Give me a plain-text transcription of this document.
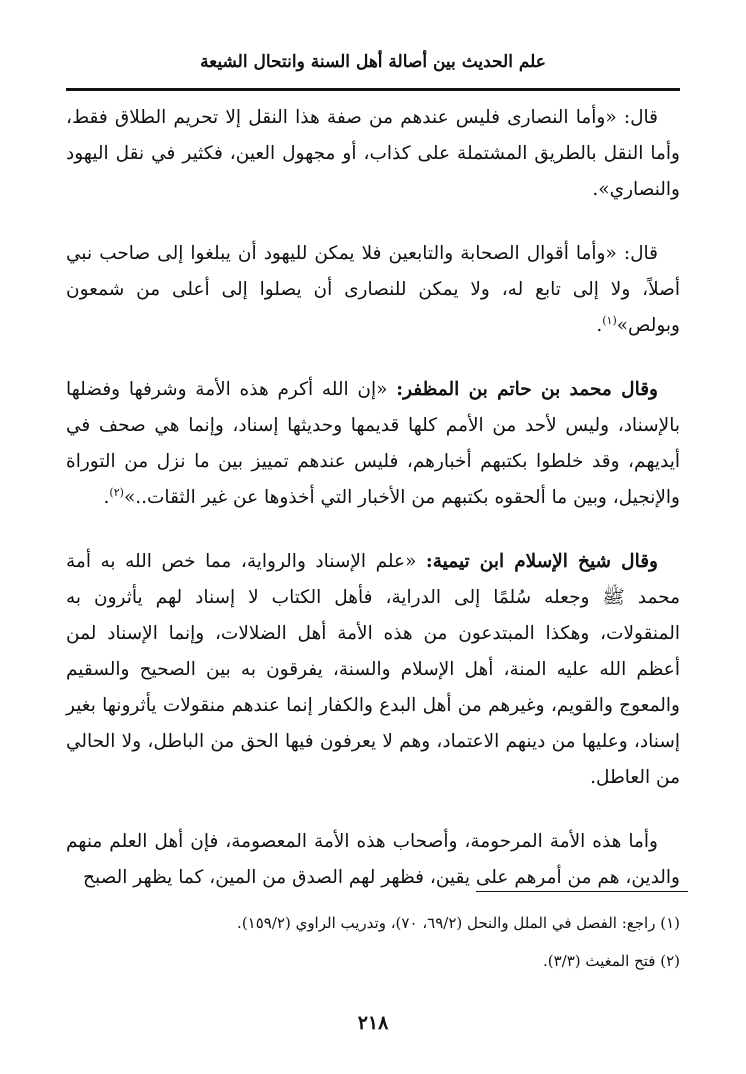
علم الحديث بين أصالة أهل السنة وانتحال الشيعة

قال: «وأما النصارى فليس عندهم من صفة هذا النقل إلا تحريم الطلاق فقط، وأما النقل بالطريق المشتملة على كذاب، أو مجهول العين، فكثير في نقل اليهود والنصاري».

قال: «وأما أقوال الصحابة والتابعين فلا يمكن لليهود أن يبلغوا إلى صاحب نبي أصلاً، ولا إلى تابع له، ولا يمكن للنصارى أن يصلوا إلى أعلى من شمعون وبولص»$^{(١)}$.

وقال محمد بن حاتم بن المظفر: «إن الله أكرم هذه الأمة وشرفها وفضلها بالإسناد، وليس لأحد من الأمم كلها قديمها وحديثها إسناد، وإنما هي صحف في أيديهم، وقد خلطوا بكتبهم أخبارهم، فليس عندهم تمييز بين ما نزل من التوراة والإنجيل، وبين ما ألحقوه بكتبهم من الأخبار التي أخذوها عن غير الثقات..»$^{(٢)}$.

وقال شيخ الإسلام ابن تيمية: «علم الإسناد والرواية، مما خص الله به أمة محمد ﷺ وجعله سُلمًا إلى الدراية، فأهل الكتاب لا إسناد لهم يأثرون به المنقولات، وهكذا المبتدعون من هذه الأمة أهل الضلالات، وإنما الإسناد لمن أعظم الله عليه المنة، أهل الإسلام والسنة، يفرقون به بين الصحيح والسقيم والمعوج والقويم، وغيرهم من أهل البدع والكفار إنما عندهم منقولات يأثرونها بغير إسناد، وعليها من دينهم الاعتماد، وهم لا يعرفون فيها الحق من الباطل، ولا الحالي من العاطل.

وأما هذه الأمة المرحومة، وأصحاب هذه الأمة المعصومة، فإن أهل العلم منهم والدين، هم من أمرهم على يقين، فظهر لهم الصدق من المين، كما يظهر الصبح

(١) راجع: الفصل في الملل والنحل (٦٩/٢، ٧٠)، وتدريب الراوي (١٥٩/٢).

(٢) فتح المغيث (٣/٣).

٢١٨
